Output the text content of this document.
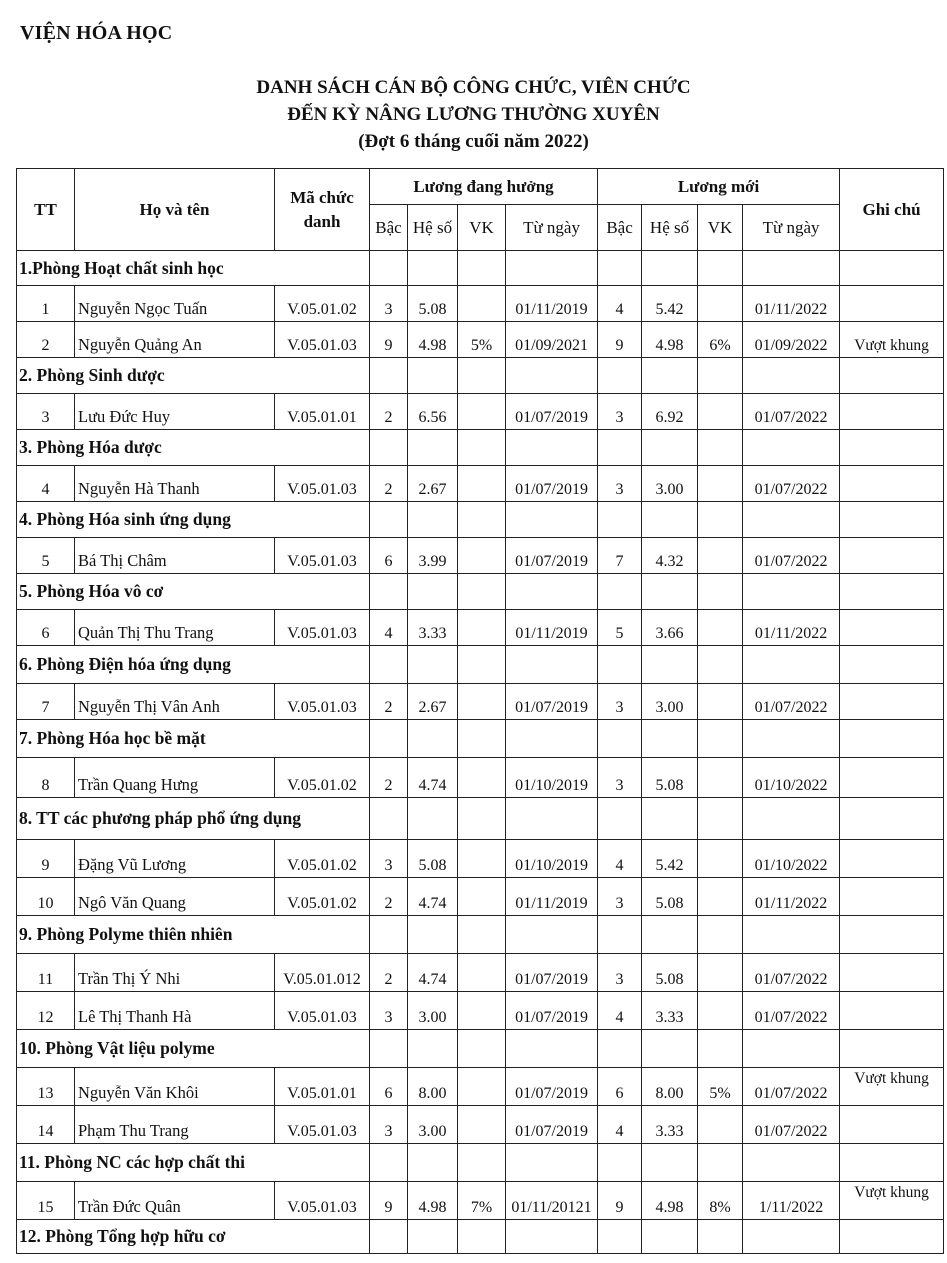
VIỆN HÓA HỌC
DANH SÁCH CÁN BỘ CÔNG CHỨC, VIÊN CHỨC
ĐẾN KỲ NÂNG LƯƠNG THƯỜNG XUYÊN
(Đợt 6 tháng cuối năm 2022)
TT	Họ và tên	Mã chức danh	Lương đang hưởng				Lương mới				Ghi chú
			Bậc	Hệ số	VK	Từ ngày	Bậc	Hệ số	VK	Từ ngày	
1.Phòng Hoạt chất sinh học											
1	Nguyễn Ngọc Tuấn	V.05.01.02	3	5.08		01/11/2019	4	5.42		01/11/2022	
2	Nguyễn Quảng An	V.05.01.03	9	4.98	5%	01/09/2021	9	4.98	6%	01/09/2022	Vượt khung
2. Phòng Sinh dược											
3	Lưu Đức Huy	V.05.01.01	2	6.56		01/07/2019	3	6.92		01/07/2022	
3. Phòng Hóa dược											
4	Nguyễn Hà Thanh	V.05.01.03	2	2.67		01/07/2019	3	3.00		01/07/2022	
4. Phòng Hóa sinh ứng dụng											
5	Bá Thị Châm	V.05.01.03	6	3.99		01/07/2019	7	4.32		01/07/2022	
5. Phòng Hóa vô cơ											
6	Quản Thị Thu Trang	V.05.01.03	4	3.33		01/11/2019	5	3.66		01/11/2022	
6. Phòng Điện hóa ứng dụng											
7	Nguyễn Thị Vân Anh	V.05.01.03	2	2.67		01/07/2019	3	3.00		01/07/2022	
7. Phòng Hóa học bề mặt											
8	Trần Quang Hưng	V.05.01.02	2	4.74		01/10/2019	3	5.08		01/10/2022	
8. TT các phương pháp phổ ứng dụng											
9	Đặng Vũ Lương	V.05.01.02	3	5.08		01/10/2019	4	5.42		01/10/2022	
10	Ngô Văn Quang	V.05.01.02	2	4.74		01/11/2019	3	5.08		01/11/2022	
9. Phòng Polyme thiên nhiên											
11	Trần Thị Ý Nhi	V.05.01.012	2	4.74		01/07/2019	3	5.08		01/07/2022	
12	Lê Thị Thanh Hà	V.05.01.03	3	3.00		01/07/2019	4	3.33		01/07/2022	
10. Phòng Vật liệu polyme											
13	Nguyễn Văn Khôi	V.05.01.01	6	8.00		01/07/2019	6	8.00	5%	01/07/2022	Vượt khung
14	Phạm Thu Trang	V.05.01.03	3	3.00		01/07/2019	4	3.33		01/07/2022	
11. Phòng NC các hợp chất thi											
15	Trần Đức Quân	V.05.01.03	9	4.98	7%	01/11/20121	9	4.98	8%	1/11/2022	Vượt khung
12. Phòng Tổng hợp hữu cơ											
